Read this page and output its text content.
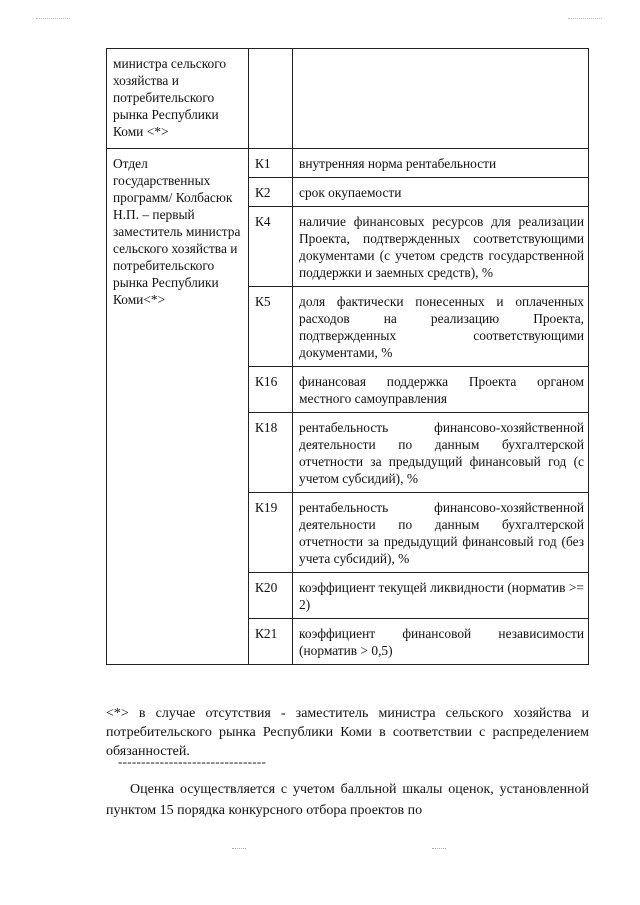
министра сельского хозяйства и потребительского рынка Республики Коми <*>		
Отдел государственных программ/ Колбасюк Н.П. – первый заместитель министра сельского хозяйства и потребительского рынка Республики Коми<*>	К1	внутренняя норма рентабельности
	К2	срок окупаемости
	К4	наличие финансовых ресурсов для реализации Проекта, подтвержденных соответствующими документами (с учетом средств государственной поддержки и заемных средств), %
	К5	доля фактически понесенных и оплаченных расходов на реализацию Проекта, подтвержденных соответствующими документами, %
	К16	финансовая поддержка Проекта органом местного самоуправления
	К18	рентабельность финансово-хозяйственной деятельности по данным бухгалтерской отчетности за предыдущий финансовый год (с учетом субсидий), %
	К19	рентабельность финансово-хозяйственной деятельности по данным бухгалтерской отчетности за предыдущий финансовый год (без учета субсидий), %
	К20	коэффициент текущей ликвидности (норматив >= 2)
	К21	коэффициент финансовой независимости (норматив > 0,5)

<*> в случае отсутствия - заместитель министра сельского хозяйства и потребительского рынка Республики Коми в соответствии с распределением обязанностей.

--------------------------------

Оценка осуществляется с учетом балльной шкалы оценок, установленной пунктом 15 порядка конкурсного отбора проектов по
